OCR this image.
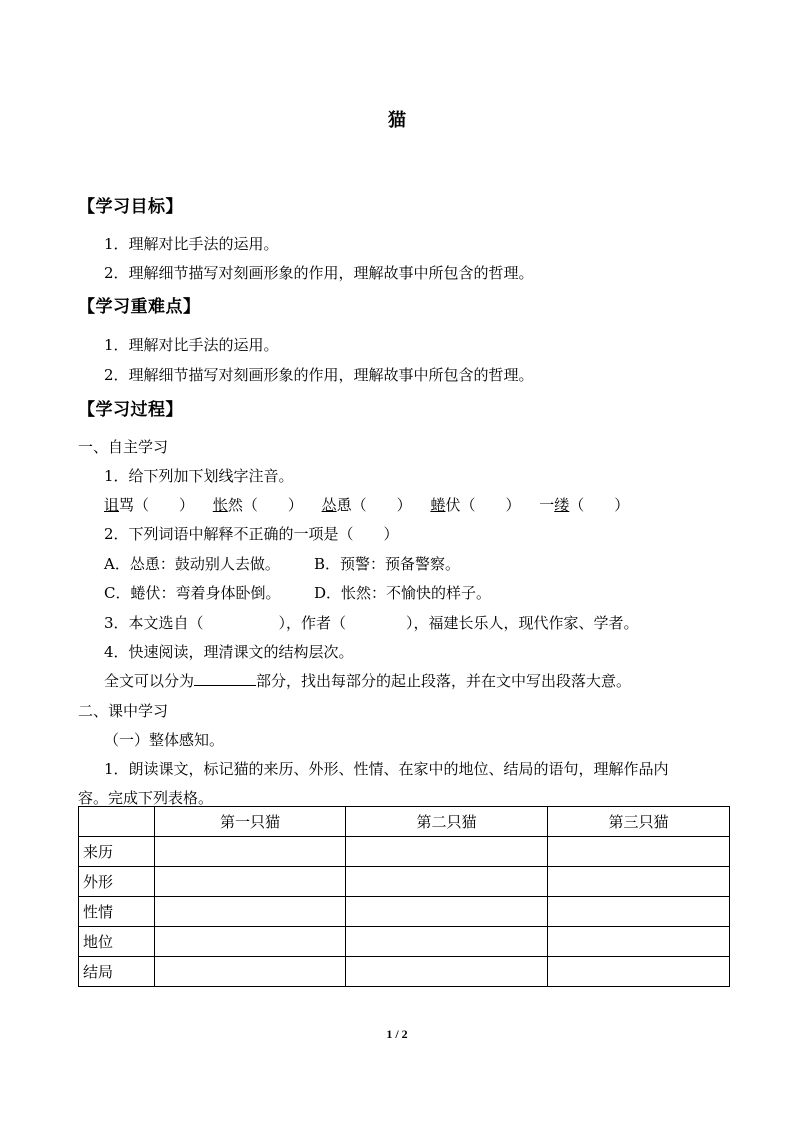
猫
【学习目标】
1．理解对比手法的运用。
2．理解细节描写对刻画形象的作用，理解故事中所包含的哲理。
【学习重难点】
1．理解对比手法的运用。
2．理解细节描写对刻画形象的作用，理解故事中所包含的哲理。
【学习过程】
一、自主学习
1．给下列加下划线字注音。
诅骂（　　） 怅然（　　） 怂恿（　　） 蜷伏（　　） 一缕（　　）
2．下列词语中解释不正确的一项是（　　）
A．怂恿：鼓动别人去做。 B．预警：预备警察。
C．蜷伏：弯着身体卧倒。 D．怅然：不愉快的样子。
3．本文选自（　　　　　），作者（　　　　），福建长乐人，现代作家、学者。
4．快速阅读，理清课文的结构层次。
全文可以分为	部分，找出每部分的起止段落，并在文中写出段落大意。
二、课中学习
（一）整体感知。
1．朗读课文，标记猫的来历、外形、性情、在家中的地位、结局的语句，理解作品内
容。完成下列表格。
	第一只猫	第二只猫	第三只猫
来历			
外形			
性情			
地位			
结局			
1 / 2
